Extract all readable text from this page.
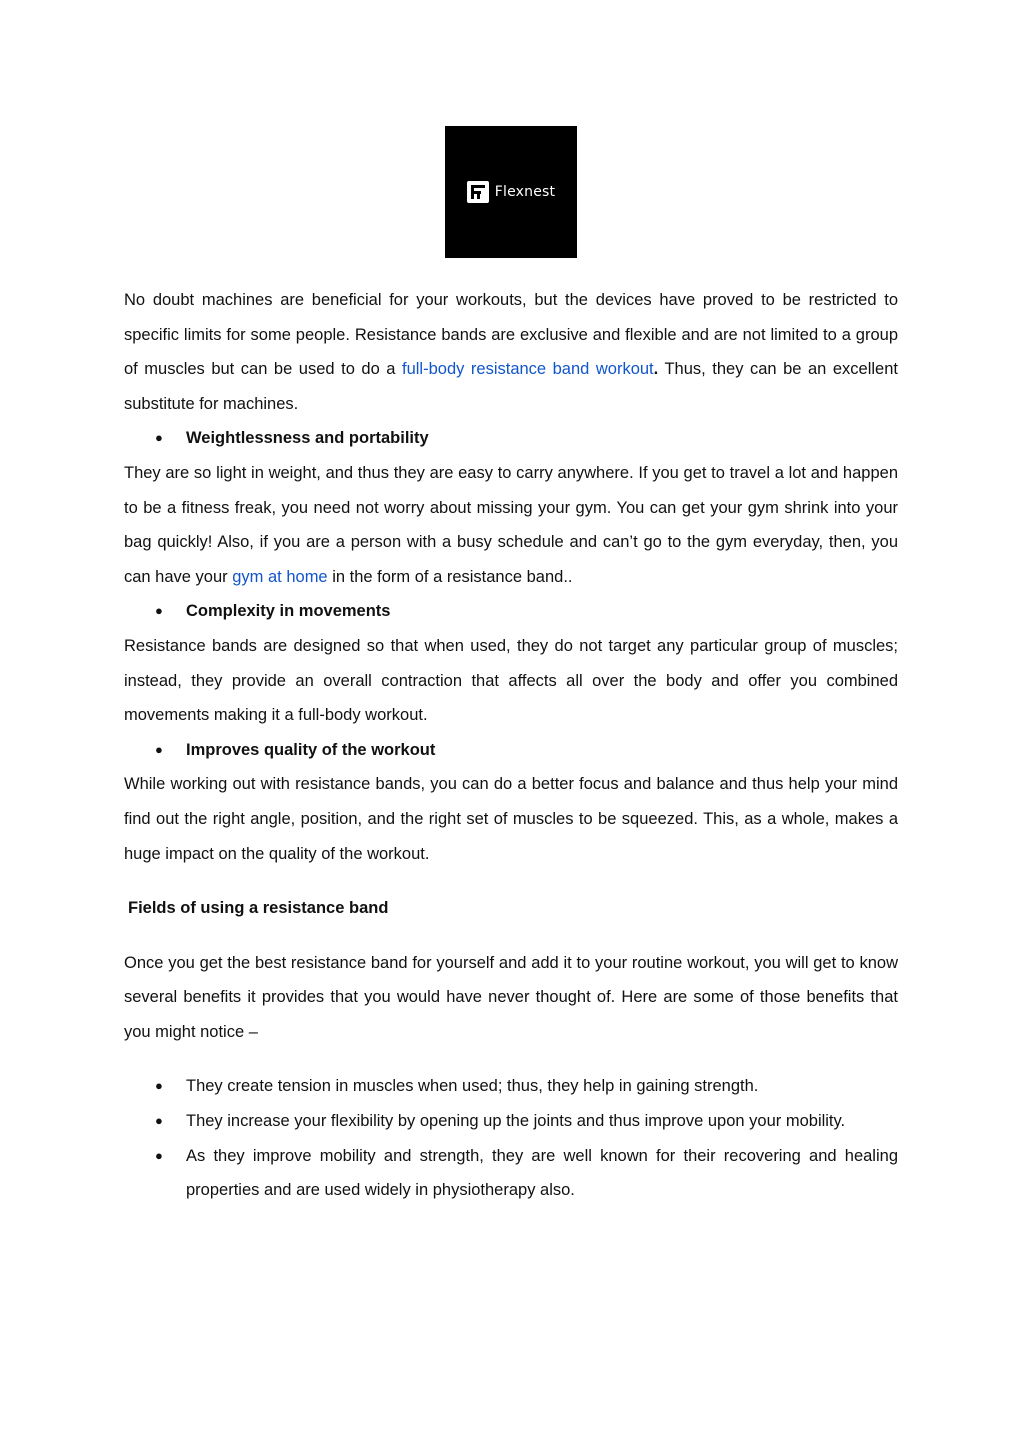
Flexnest

No doubt machines are beneficial for your workouts, but the devices have proved to be restricted to specific limits for some people. Resistance bands are exclusive and flexible and are not limited to a group of muscles but can be used to do a full-body resistance band workout. Thus, they can be an excellent substitute for machines.

● Weightlessness and portability

They are so light in weight, and thus they are easy to carry anywhere. If you get to travel a lot and happen to be a fitness freak, you need not worry about missing your gym. You can get your gym shrink into your bag quickly! Also, if you are a person with a busy schedule and can’t go to the gym everyday, then, you can have your gym at home in the form of a resistance band..

● Complexity in movements

Resistance bands are designed so that when used, they do not target any particular group of muscles; instead, they provide an overall contraction that affects all over the body and offer you combined movements making it a full-body workout.

● Improves quality of the workout

While working out with resistance bands, you can do a better focus and balance and thus help your mind find out the right angle, position, and the right set of muscles to be squeezed. This, as a whole, makes a huge impact on the quality of the workout.

Fields of using a resistance band

Once you get the best resistance band for yourself and add it to your routine workout, you will get to know several benefits it provides that you would have never thought of. Here are some of those benefits that you might notice –

● They create tension in muscles when used; thus, they help in gaining strength.
● They increase your flexibility by opening up the joints and thus improve upon your mobility.
● As they improve mobility and strength, they are well known for their recovering and healing properties and are used widely in physiotherapy also.
